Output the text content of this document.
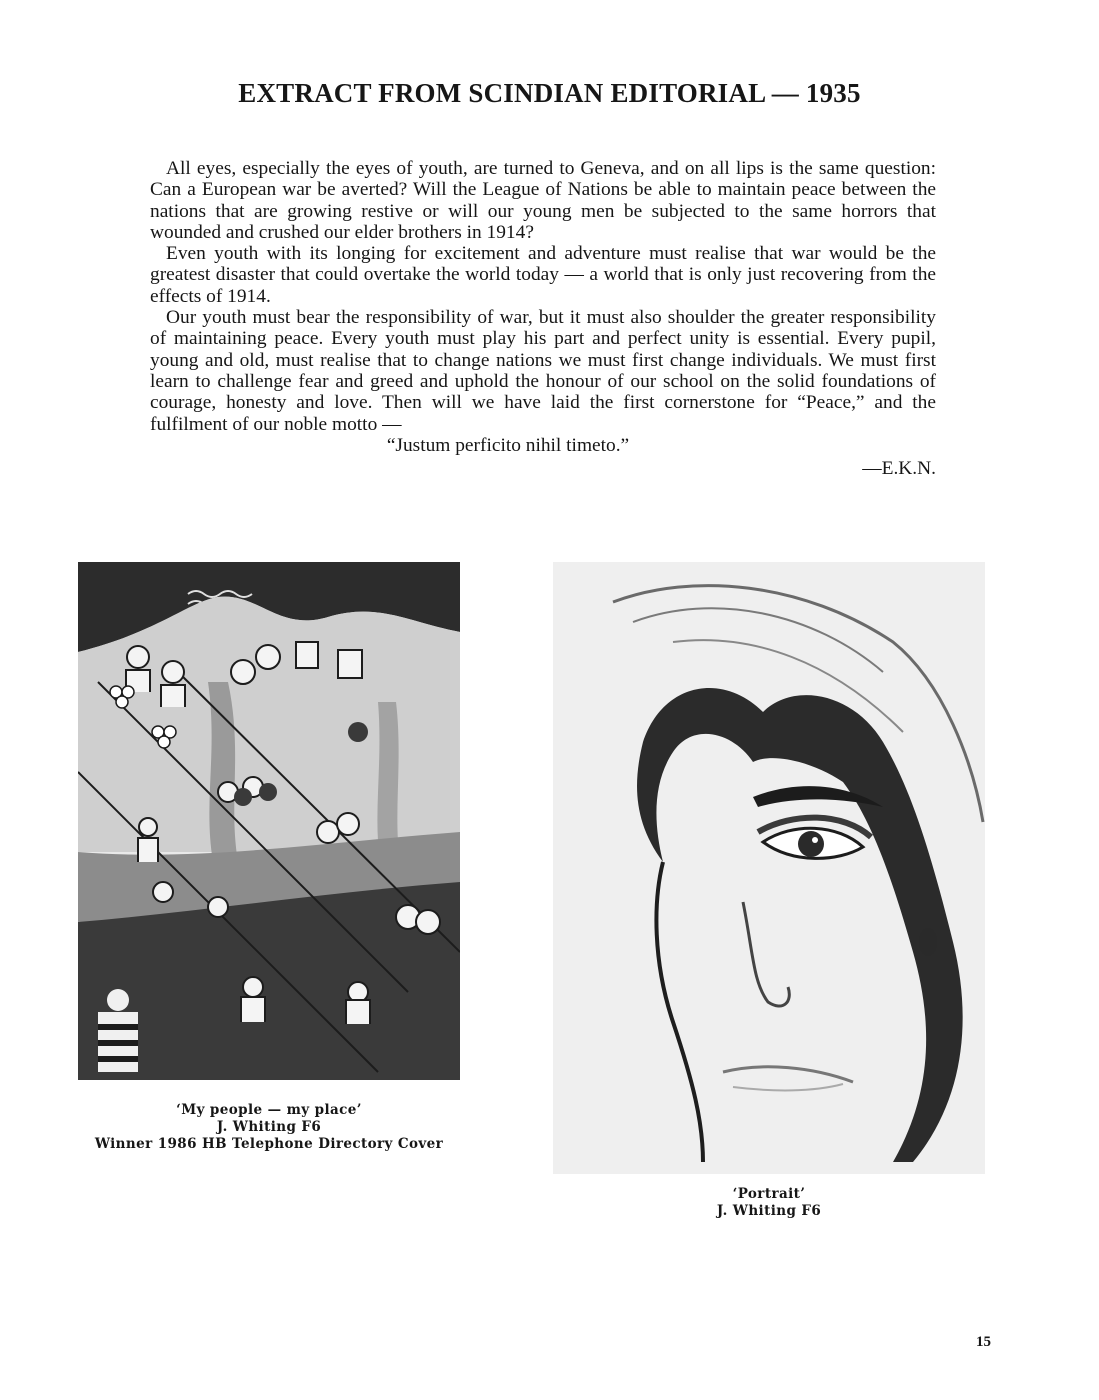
EXTRACT FROM SCINDIAN EDITORIAL — 1935

All eyes, especially the eyes of youth, are turned to Geneva, and on all lips is the same question: Can a European war be averted? Will the League of Nations be able to maintain peace between the nations that are growing restive or will our young men be subjected to the same horrors that wounded and crushed our elder brothers in 1914?

Even youth with its longing for excitement and adventure must realise that war would be the greatest disaster that could overtake the world today — a world that is only just recovering from the effects of 1914.

Our youth must bear the responsibility of war, but it must also shoulder the greater responsibility of maintaining peace. Every youth must play his part and perfect unity is essential. Every pupil, young and old, must realise that to change nations we must first change individuals. We must first learn to challenge fear and greed and uphold the honour of our school on the solid foundations of courage, honesty and love. Then will we have laid the first cornerstone for “Peace,” and the fulfilment of our noble motto —

“Justum perficito nihil timeto.”

—E.K.N.

‘My people — my place’
J. Whiting F6
Winner 1986 HB Telephone Directory Cover
‘Portrait’
J. Whiting F6
15
